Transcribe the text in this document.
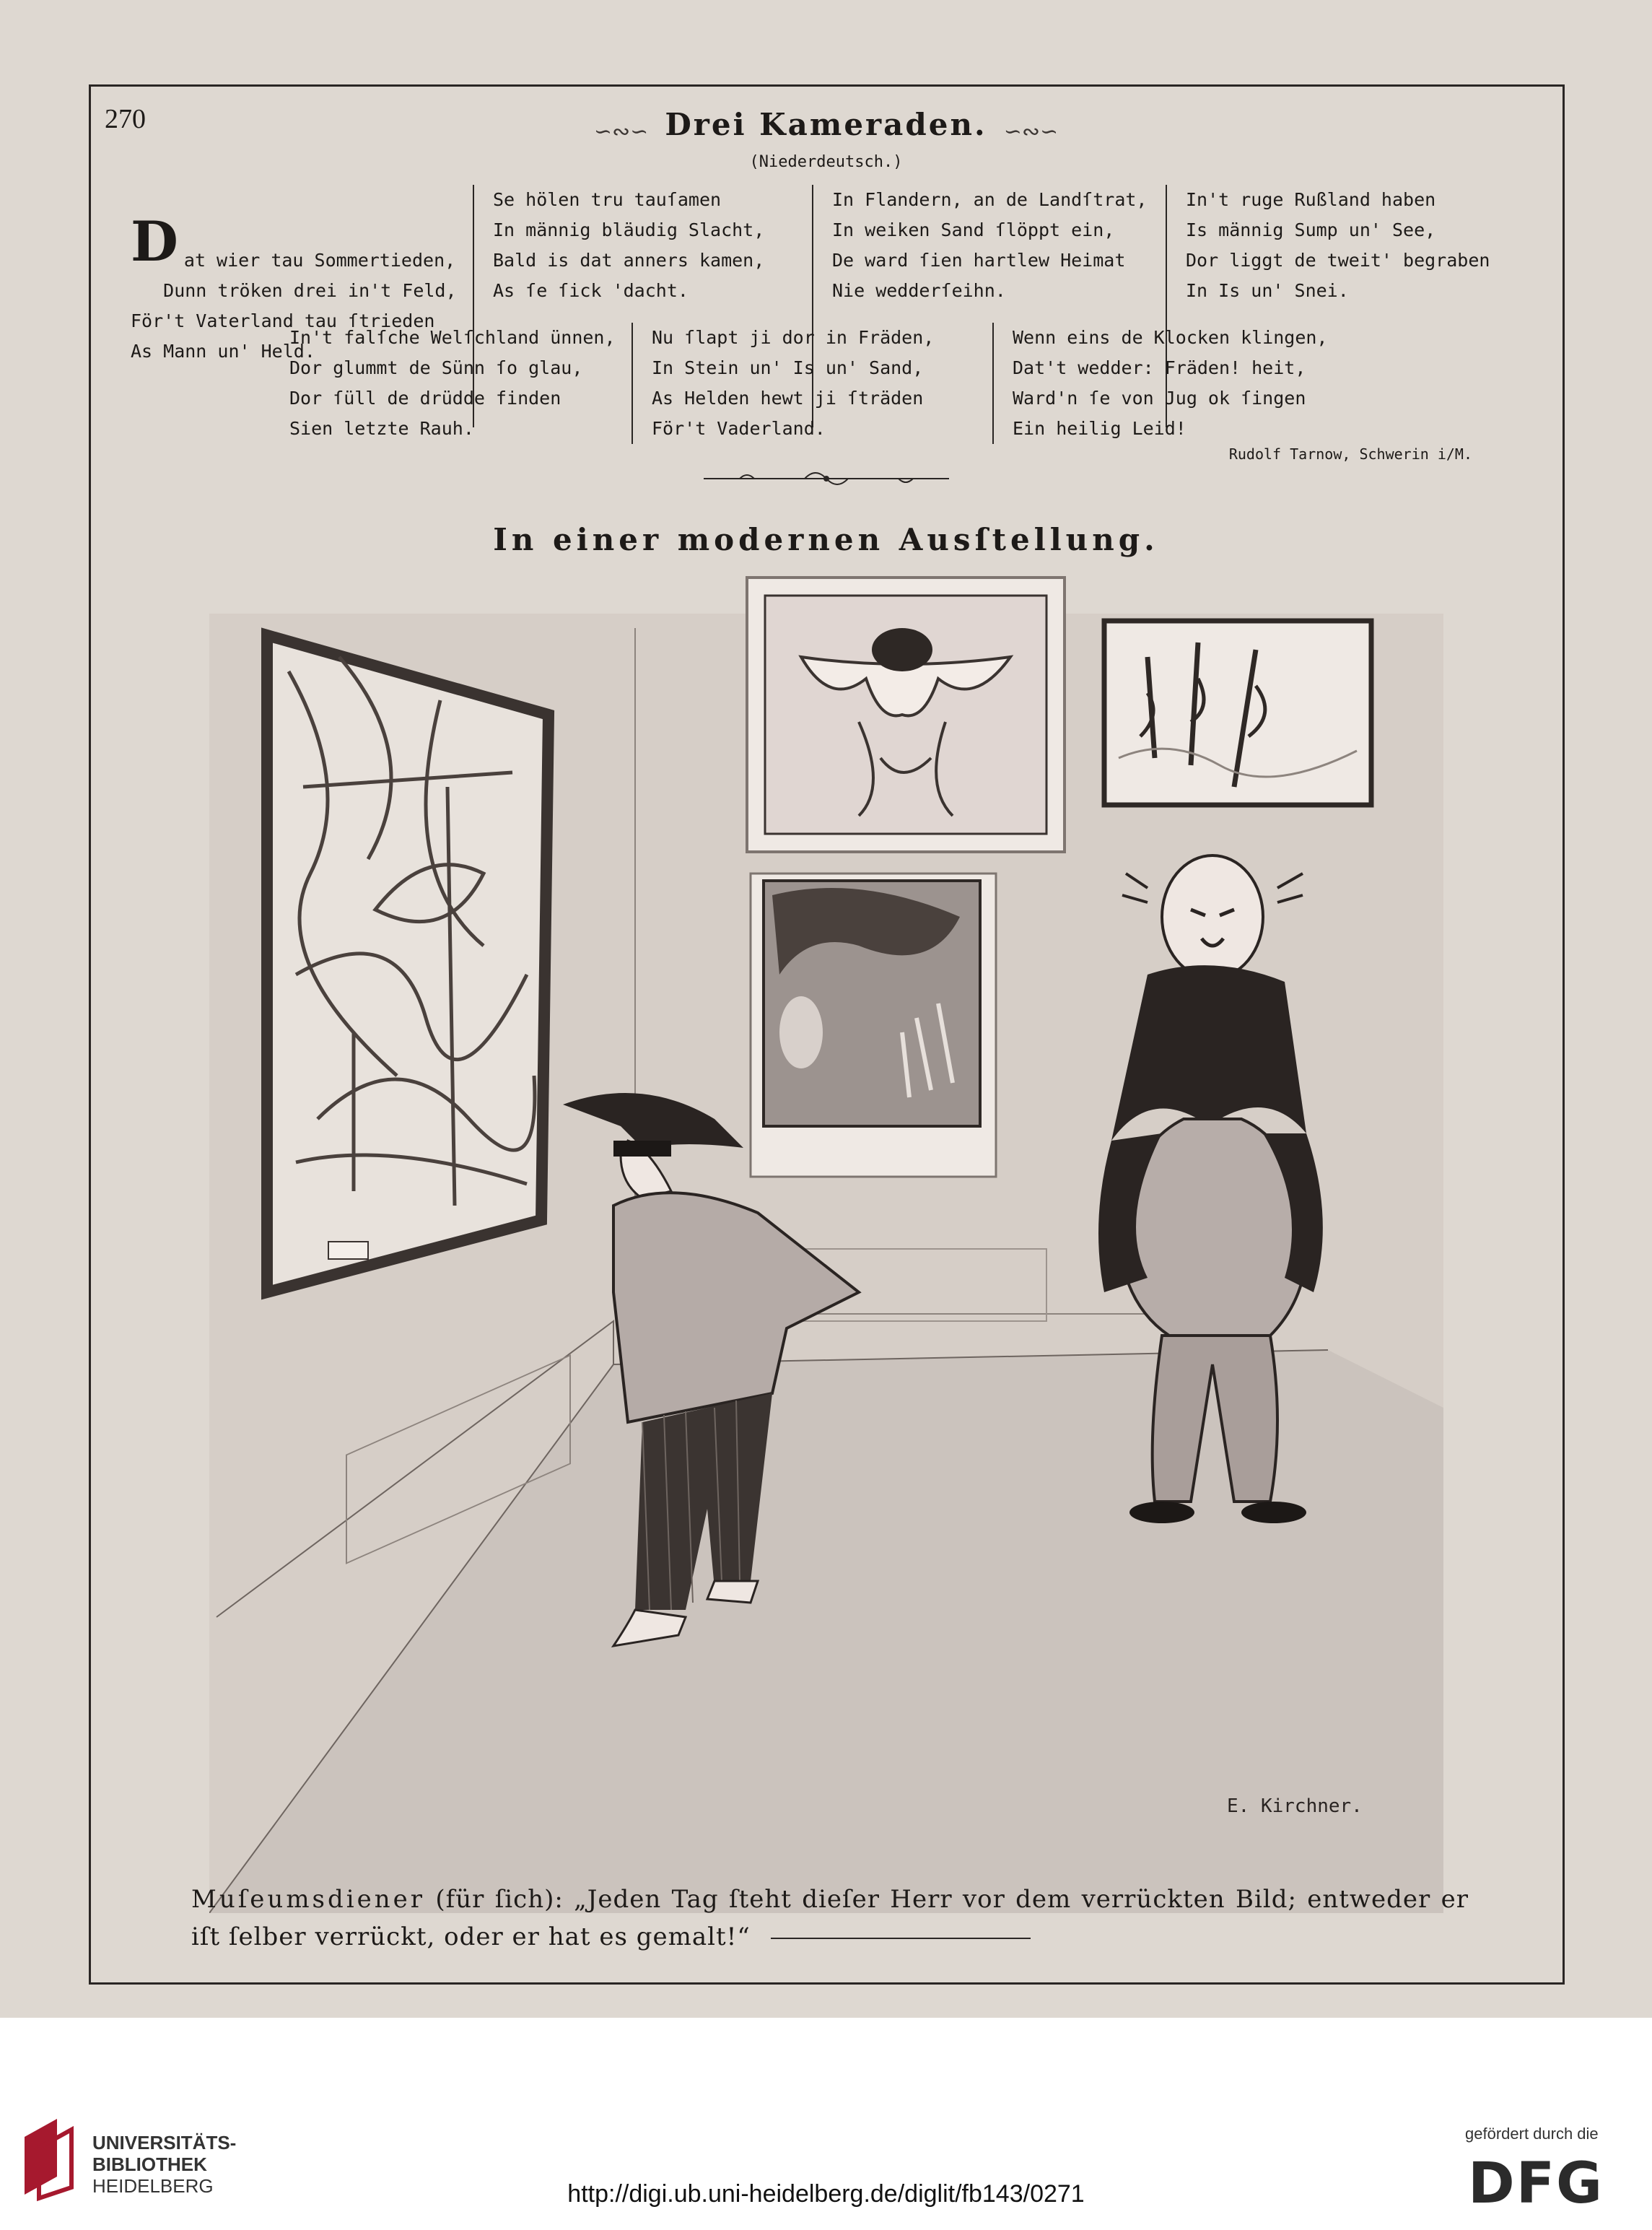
270	∽∾∽ Drei Kameraden. ∽∾∽
(Niederdeutsch.)

D at wier tau Sommertieden,
Dunn tröken drei in't Feld,
För't Vaterland tau ſtrieden
As Mann un' Held.

Se hölen tru tauſamen
In männig bläudig Slacht,
Bald is dat anners kamen,
As ſe ſick 'dacht.
In Flandern, an de Landſtrat,
In weiken Sand ſlöppt ein,
De ward ſien hartlew Heimat
Nie wedderſeihn.
In't ruge Rußland haben
Is männig Sump un' See,
Dor liggt de tweit' begraben
In Is un' Snei.
In't falſche Welſchland ünnen,
Dor glummt de Sünn ſo glau,
Dor ſüll de drüdde finden
Sien letzte Rauh.
Nu ſlapt ji dor in Fräden,
In Stein un' Is un' Sand,
As Helden hewt ji ſträden
För't Vaderland.
Wenn eins de Klocken klingen,
Dat't wedder: Fräden! heit,
Ward'n ſe von Jug ok ſingen
Ein heilig Leid!
Rudolf Tarnow, Schwerin i/M.
In einer modernen Ausſtellung.
E. Kirchner.
Muſeumsdiener (für ſich): „Jeden Tag ſteht dieſer Herr vor dem verrückten Bild; entweder er iſt ſelber verrückt, oder er hat es gemalt!“
UNIVERSITÄTS-
BIBLIOTHEK
HEIDELBERG	http://digi.ub.uni-heidelberg.de/diglit/fb143/0271
gefördert durch die
DFG
